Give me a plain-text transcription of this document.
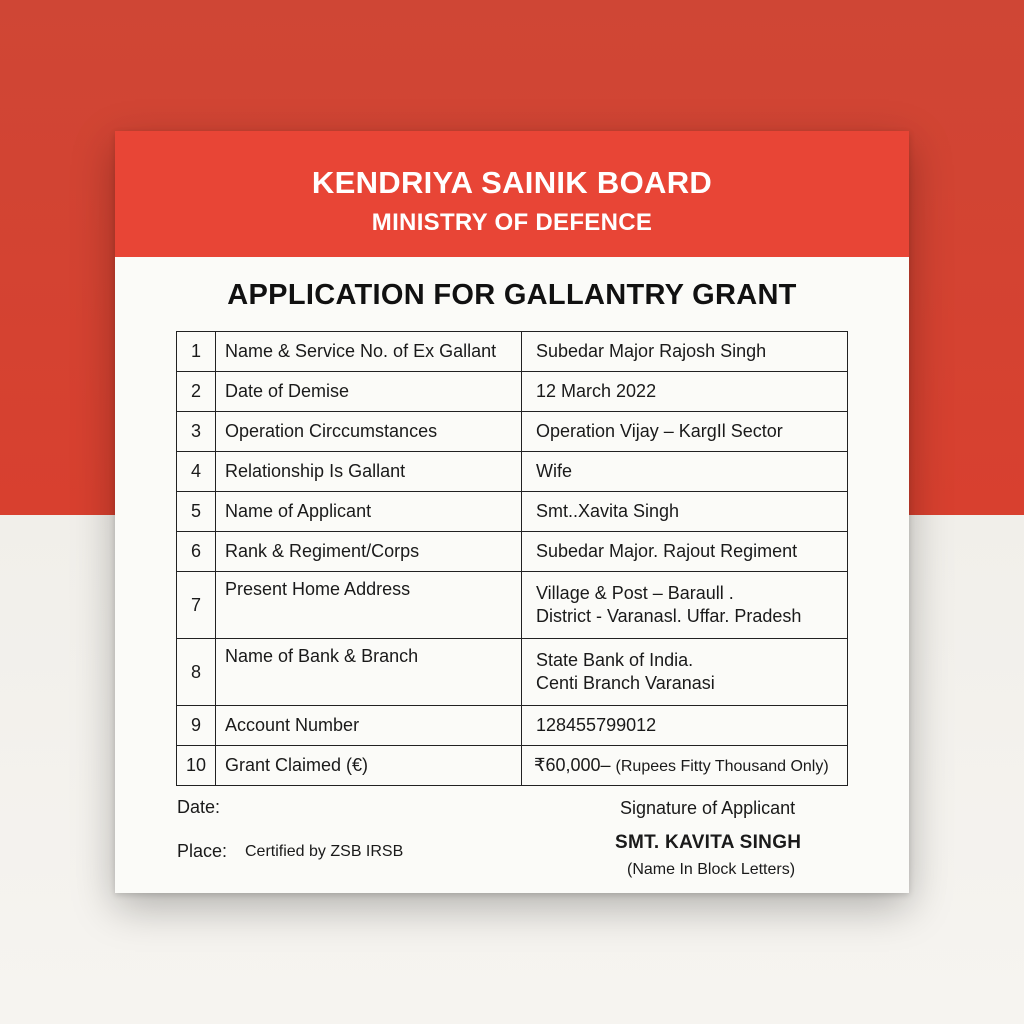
KENDRIYA SAINIK BOARD
MINISTRY OF DEFENCE
APPLICATION FOR GALLANTRY GRANT
1	Name & Service No. of Ex Gallant	Subedar Major Rajosh Singh

2	Date of Demise	12 March 2022

3	Operation Circcumstances	Operation Vijay – KargIl Sector

4	Relationship Is Gallant	Wife

5	Name of Applicant	Smt..Xavita Singh

6	Rank & Regiment/Corps	Subedar Major. Rajout Regiment

7	Present Home Address	Village & Post – Baraull .
District - Varanasl. Uffar. Pradesh

8	Name of Bank & Branch	State Bank of India.
Centi Branch Varanasi

9	Account Number	128455799012

10	Grant Claimed (€)	₹60,000– (Rupees Fitty Thousand Only)
Date:
Place: Certified by ZSB IRSB
Signature of Applicant
SMT. KAVITA SINGH
(Name In Block Letters)
